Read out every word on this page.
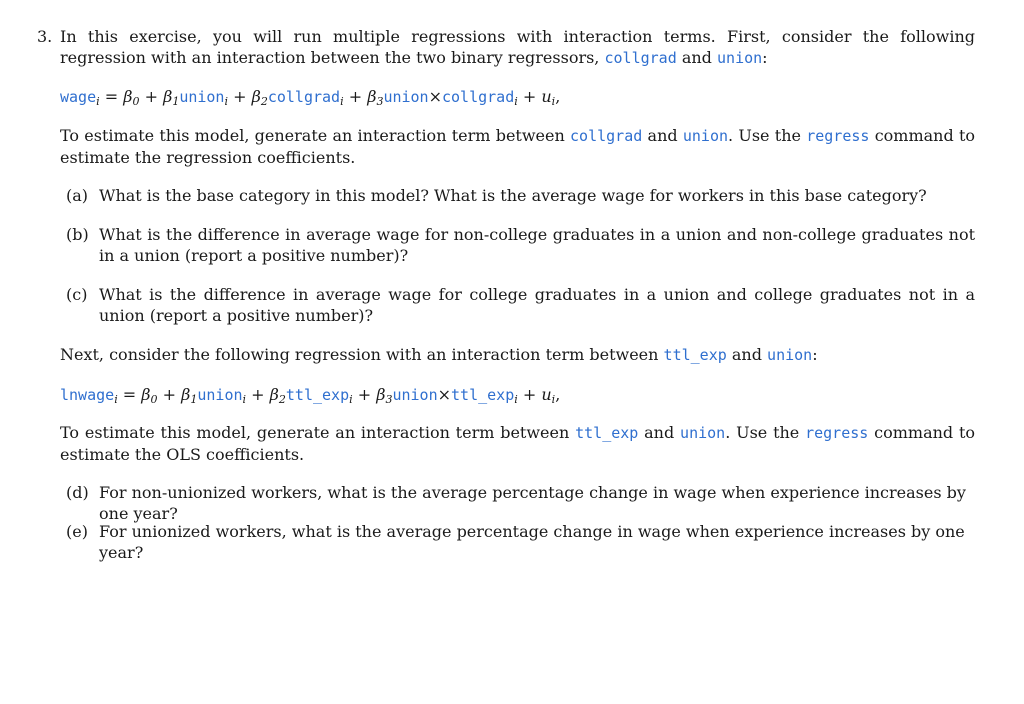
3. In this exercise, you will run multiple regressions with interaction terms. First, consider the following regression with an interaction between the two binary regressors, collgrad and union:
wage$_i$ = $\beta_0$ + $\beta_1union_i$ + $\beta_2collgrad_i$ + $\beta_3union\times collgrad_i + u_i$,
To estimate this model, generate an interaction term between collgrad and union. Use the regress command to estimate the regression coefficients.
(a) What is the base category in this model? What is the average wage for workers in this base category?
(b) What is the difference in average wage for non-college graduates in a union and non-college graduates not in a union (report a positive number)?
(c) What is the difference in average wage for college graduates in a union and college graduates not in a union (report a positive number)?
Next, consider the following regression with an interaction term between ttl_exp and union:
lnwage$_i$ = $\beta_0$ + $\beta_1union_i$ + $\beta_2ttl\_\exp_i$ + $\beta_3union\times ttl\_\exp_i + u_i$,
To estimate this model, generate an interaction term between ttl_exp and union. Use the regress command to estimate the OLS coefficients.
(d) For non-unionized workers, what is the average percentage change in wage when experience increases by one year?
(e) For unionized workers, what is the average percentage change in wage when experience increases by one year?
